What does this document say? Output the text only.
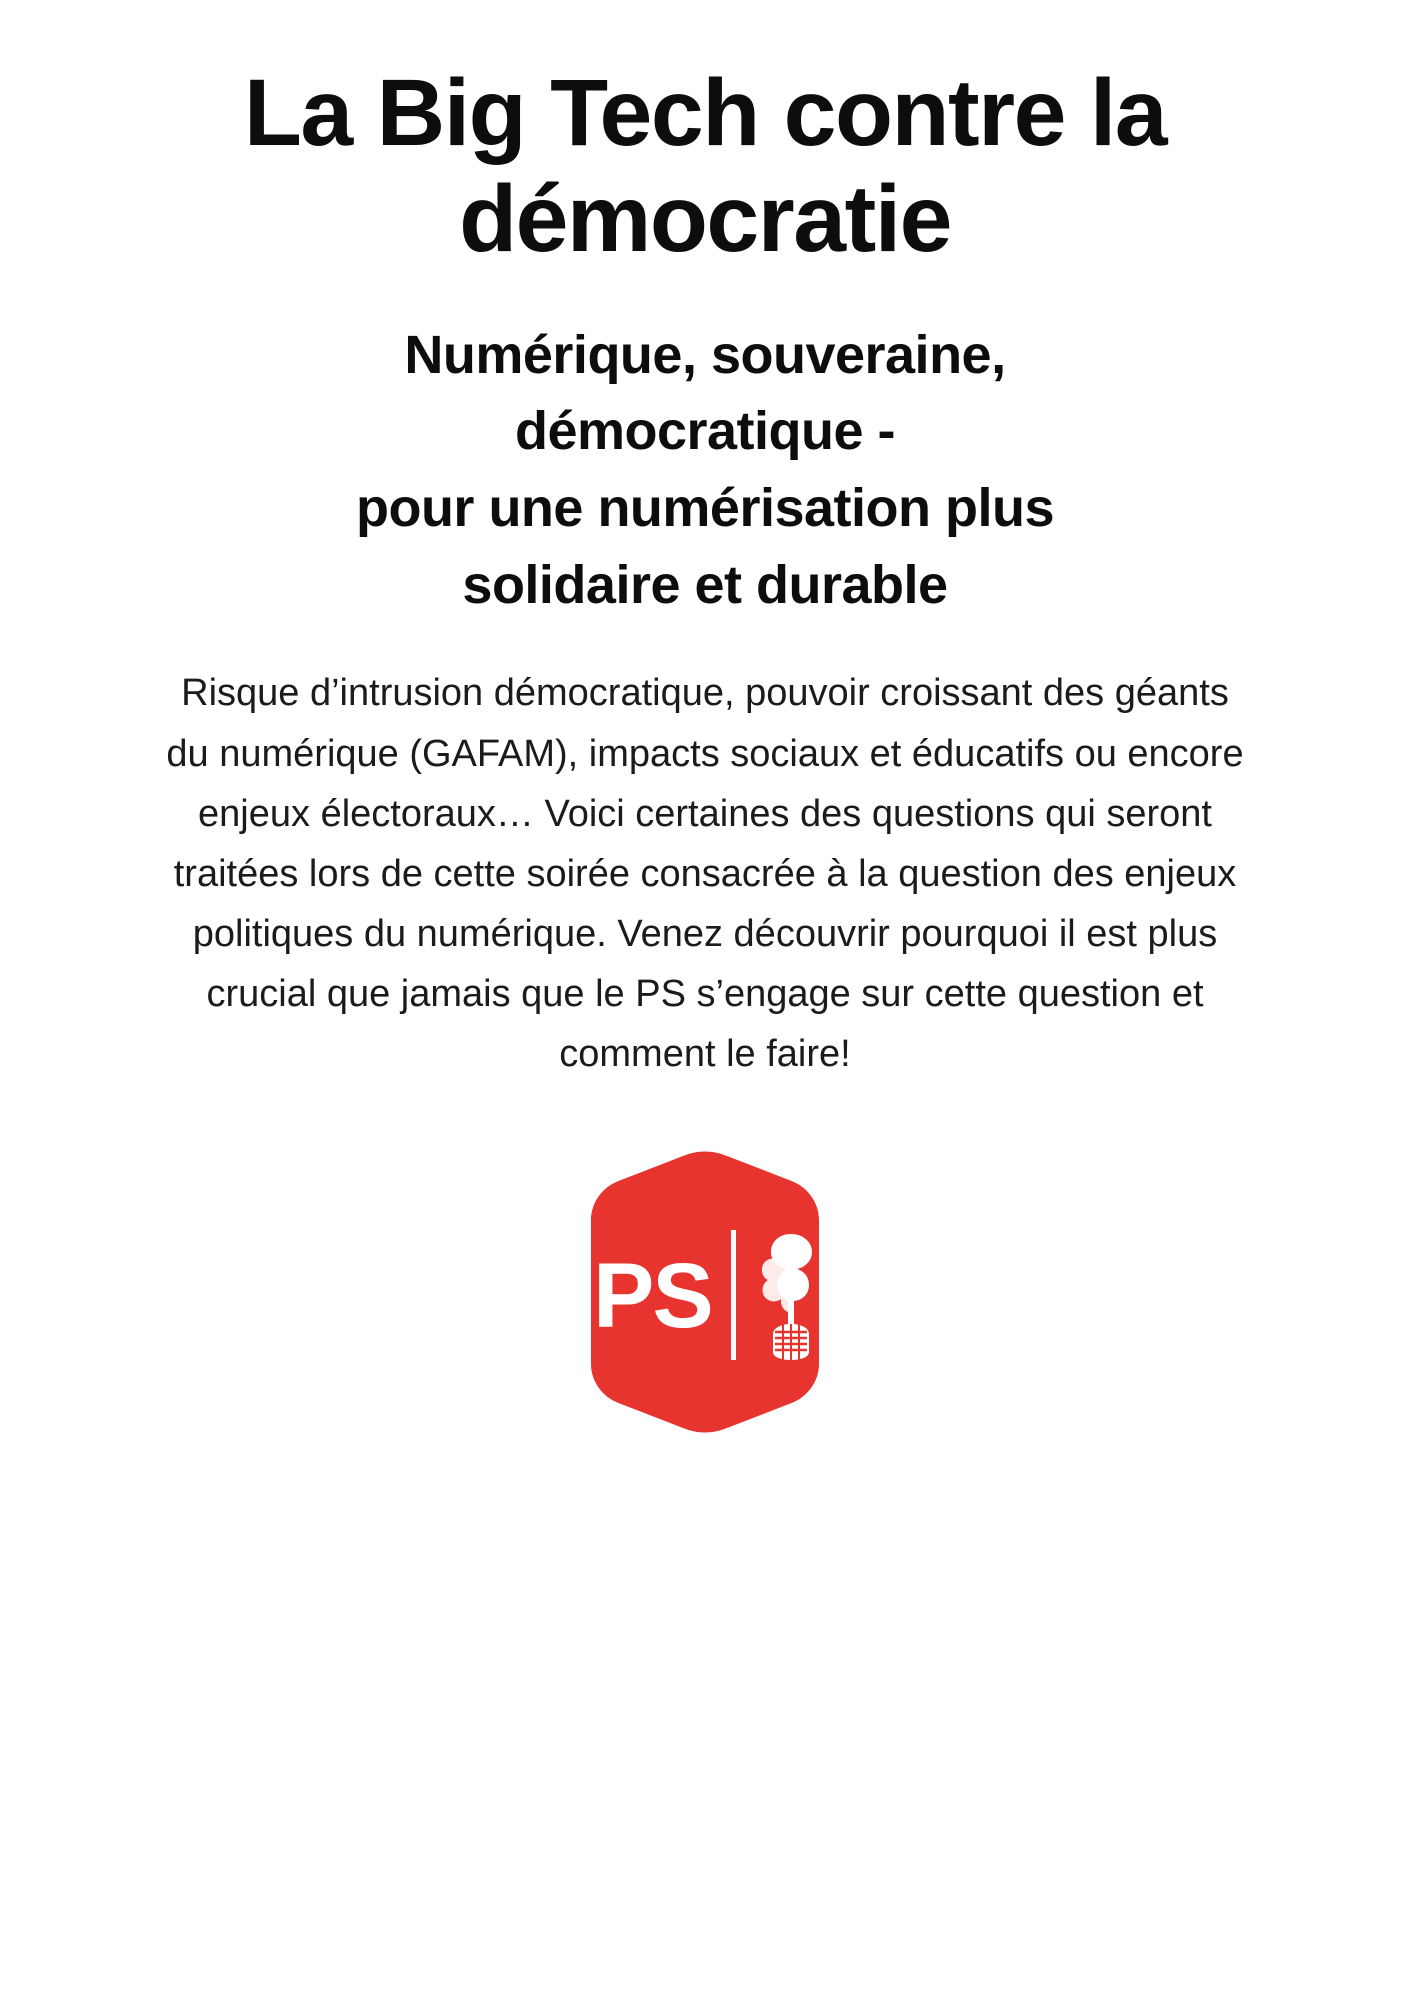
La Big Tech contre la démocratie
Numérique, souveraine,
démocratique -
pour une numérisation plus
solidaire et durable

Risque d’intrusion démocratique, pouvoir croissant des géants du numérique (GAFAM), impacts sociaux et éducatifs ou encore enjeux électoraux… Voici certaines des questions qui seront traitées lors de cette soirée consacrée à la question des enjeux politiques du numérique. Venez découvrir pourquoi il est plus crucial que jamais que le PS s’engage sur cette question et comment le faire!

PS
